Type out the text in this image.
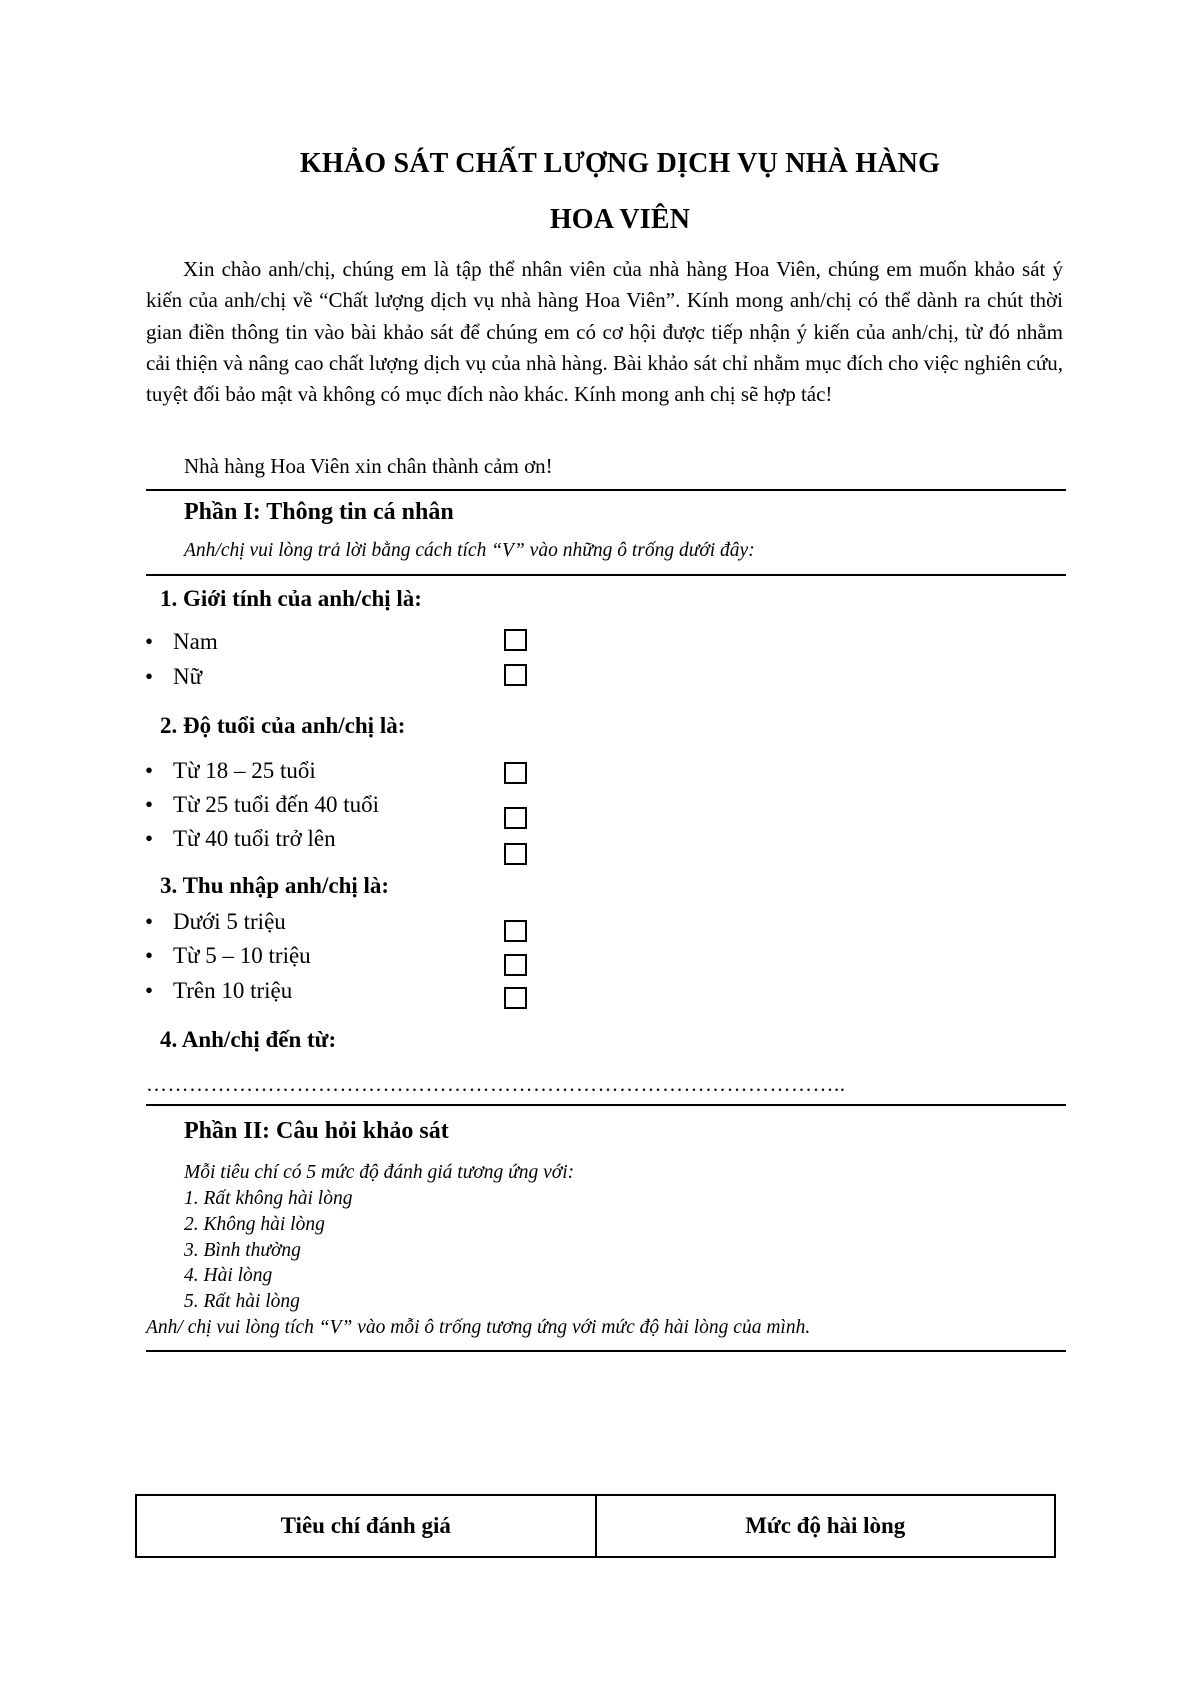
KHẢO SÁT CHẤT LƯỢNG DỊCH VỤ NHÀ HÀNG
HOA VIÊN

Xin chào anh/chị, chúng em là tập thể nhân viên của nhà hàng Hoa Viên, chúng em muốn khảo sát ý kiến của anh/chị về “Chất lượng dịch vụ nhà hàng Hoa Viên”. Kính mong anh/chị có thể dành ra chút thời gian điền thông tin vào bài khảo sát để chúng em có cơ hội được tiếp nhận ý kiến của anh/chị, từ đó nhằm cải thiện và nâng cao chất lượng dịch vụ của nhà hàng. Bài khảo sát chỉ nhằm mục đích cho việc nghiên cứu, tuyệt đối bảo mật và không có mục đích nào khác. Kính mong anh chị sẽ hợp tác!

Nhà hàng Hoa Viên xin chân thành cảm ơn!
Phần I: Thông tin cá nhân
Anh/chị vui lòng trả lời bằng cách tích “V” vào những ô trống dưới đây:
1. Giới tính của anh/chị là:
• Nam
• Nữ
2. Độ tuổi của anh/chị là:
• Từ 18 – 25 tuổi
• Từ 25 tuổi đến 40 tuổi
• Từ 40 tuổi trở lên
3. Thu nhập anh/chị là:
• Dưới 5 triệu
• Từ 5 – 10 triệu
• Trên 10 triệu
4. Anh/chị đến từ:
……………………………………………………………………………………..
Phần II: Câu hỏi khảo sát
Mỗi tiêu chí có 5 mức độ đánh giá tương ứng với:
1. Rất không hài lòng
2. Không hài lòng
3. Bình thường
4. Hài lòng
5. Rất hài lòng
Anh/ chị vui lòng tích “V” vào mỗi ô trống tương ứng với mức độ hài lòng của mình.
Tiêu chí đánh giá	Mức độ hài lòng
